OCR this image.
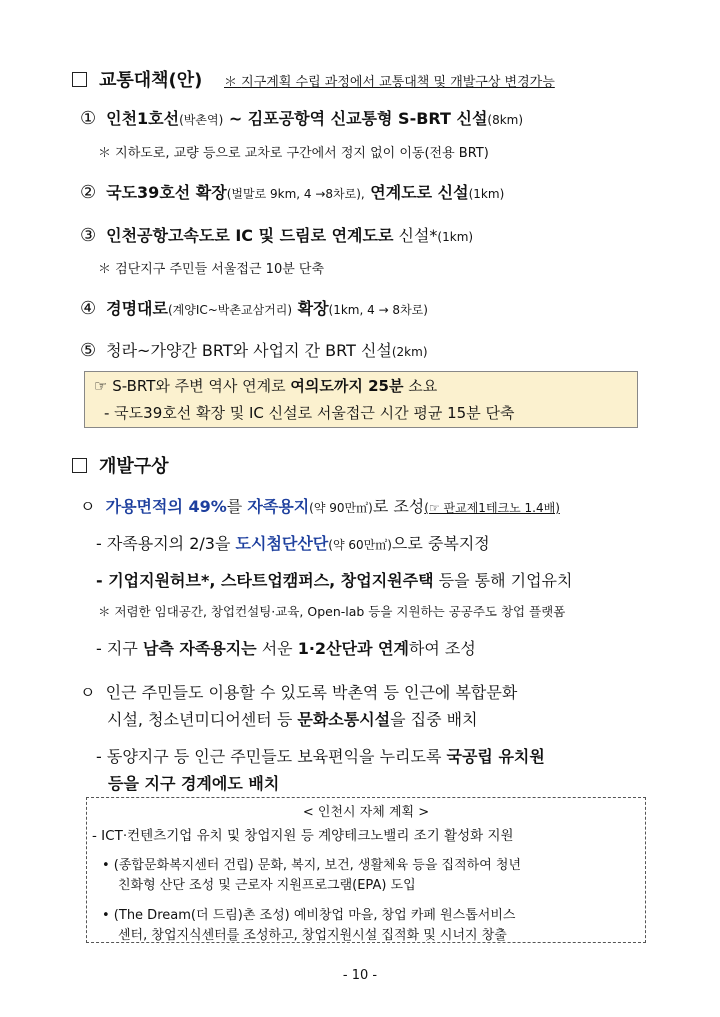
교통대책(안) ＊ 지구계획 수립 과정에서 교통대책 및 개발구상 변경가능
① 인천1호선(박촌역) ~ 김포공항역 신교통형 S-BRT 신설(8km)
＊ 지하도로, 교량 등으로 교차로 구간에서 정지 없이 이동(전용 BRT)
② 국도39호선 확장(벌말로 9km, 4 →8차로), 연계도로 신설(1km)
③ 인천공항고속도로 IC 및 드림로 연계도로 신설*(1km)
＊ 검단지구 주민들 서울접근 10분 단축
④ 경명대로(계양IC~박촌교삼거리) 확장(1km, 4 → 8차로)
⑤ 청라~가양간 BRT와 사업지 간 BRT 신설(2km)
☞ S-BRT와 주변 역사 연계로 여의도까지 25분 소요
- 국도39호선 확장 및 IC 신설로 서울접근 시간 평균 15분 단축
개발구상
ㅇ 가용면적의 49%를 자족용지(약 90만㎡)로 조성(☞ 판교제1테크노 1.4배)
- 자족용지의 2/3을 도시첨단산단(약 60만㎡)으로 중복지정
- 기업지원허브*, 스타트업캠퍼스, 창업지원주택 등을 통해 기업유치
＊ 저렴한 임대공간, 창업컨설팅·교육, Open-lab 등을 지원하는 공공주도 창업 플랫폼
- 지구 남측 자족용지는 서운 1·2산단과 연계하여 조성
ㅇ 인근 주민들도 이용할 수 있도록 박촌역 등 인근에 복합문화
시설, 청소년미디어센터 등 문화소통시설을 집중 배치
- 동양지구 등 인근 주민들도 보육편익을 누리도록 국공립 유치원
등을 지구 경계에도 배치
< 인천시 자체 계획 >
- ICT·컨텐츠기업 유치 및 창업지원 등 계양테크노밸리 조기 활성화 지원
• (종합문화복지센터 건립) 문화, 복지, 보건, 생활체육 등을 집적하여 청년
친화형 산단 조성 및 근로자 지원프로그램(EPA) 도입
• (The Dream(더 드림)촌 조성) 예비창업 마을, 창업 카페 원스톱서비스
센터, 창업지식센터를 조성하고, 창업지원시설 집적화 및 시너지 창출
- 10 -
